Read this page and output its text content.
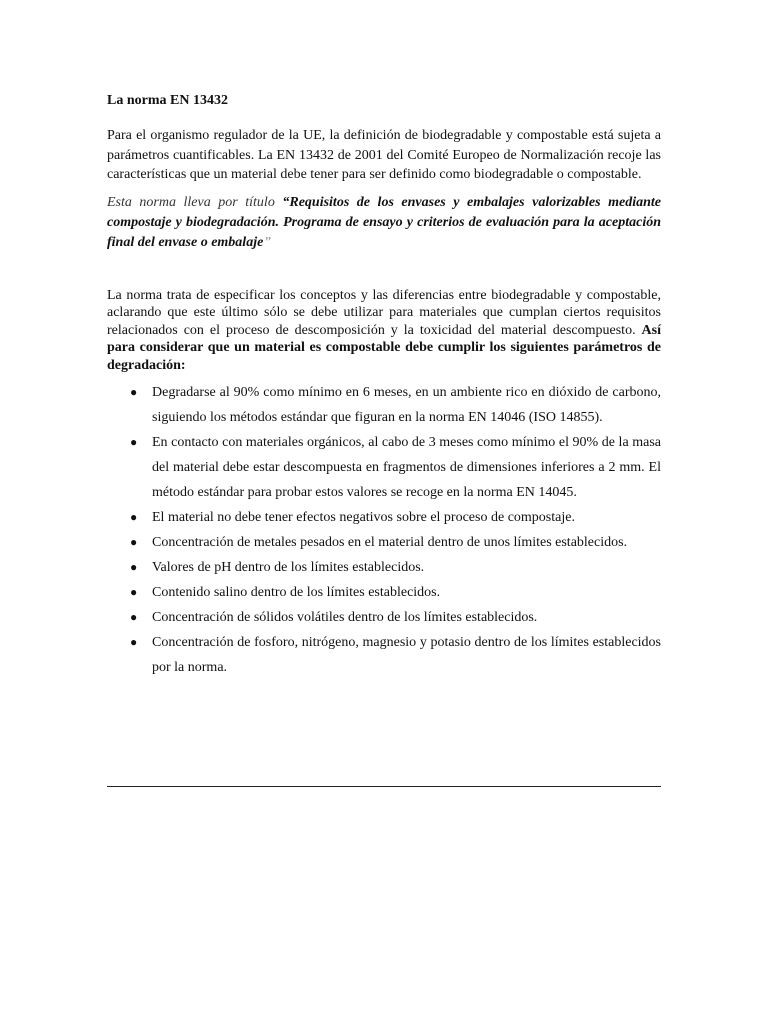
La norma EN 13432

Para el organismo regulador de la UE, la definición de biodegradable y compostable está sujeta a parámetros cuantificables. La EN 13432 de 2001 del Comité Europeo de Normalización recoje las características que un material debe tener para ser definido como biodegradable o compostable.

Esta norma lleva por título “Requisitos de los envases y embalajes valorizables mediante compostaje y biodegradación. Programa de ensayo y criterios de evaluación para la aceptación final del envase o embalaje”

La norma trata de especificar los conceptos y las diferencias entre biodegradable y compostable, aclarando que este último sólo se debe utilizar para materiales que cumplan ciertos requisitos relacionados con el proceso de descomposición y la toxicidad del material descompuesto. Así para considerar que un material es compostable debe cumplir los siguientes parámetros de degradación:

● Degradarse al 90% como mínimo en 6 meses, en un ambiente rico en dióxido de carbono, siguiendo los métodos estándar que figuran en la norma EN 14046 (ISO 14855).
● En contacto con materiales orgánicos, al cabo de 3 meses como mínimo el 90% de la masa del material debe estar descompuesta en fragmentos de dimensiones inferiores a 2 mm. El método estándar para probar estos valores se recoge en la norma EN 14045.
● El material no debe tener efectos negativos sobre el proceso de compostaje.
● Concentración de metales pesados en el material dentro de unos límites establecidos.
● Valores de pH dentro de los límites establecidos.
● Contenido salino dentro de los límites establecidos.
● Concentración de sólidos volátiles dentro de los límites establecidos.
● Concentración de fosforo, nitrógeno, magnesio y potasio dentro de los límites establecidos por la norma.
